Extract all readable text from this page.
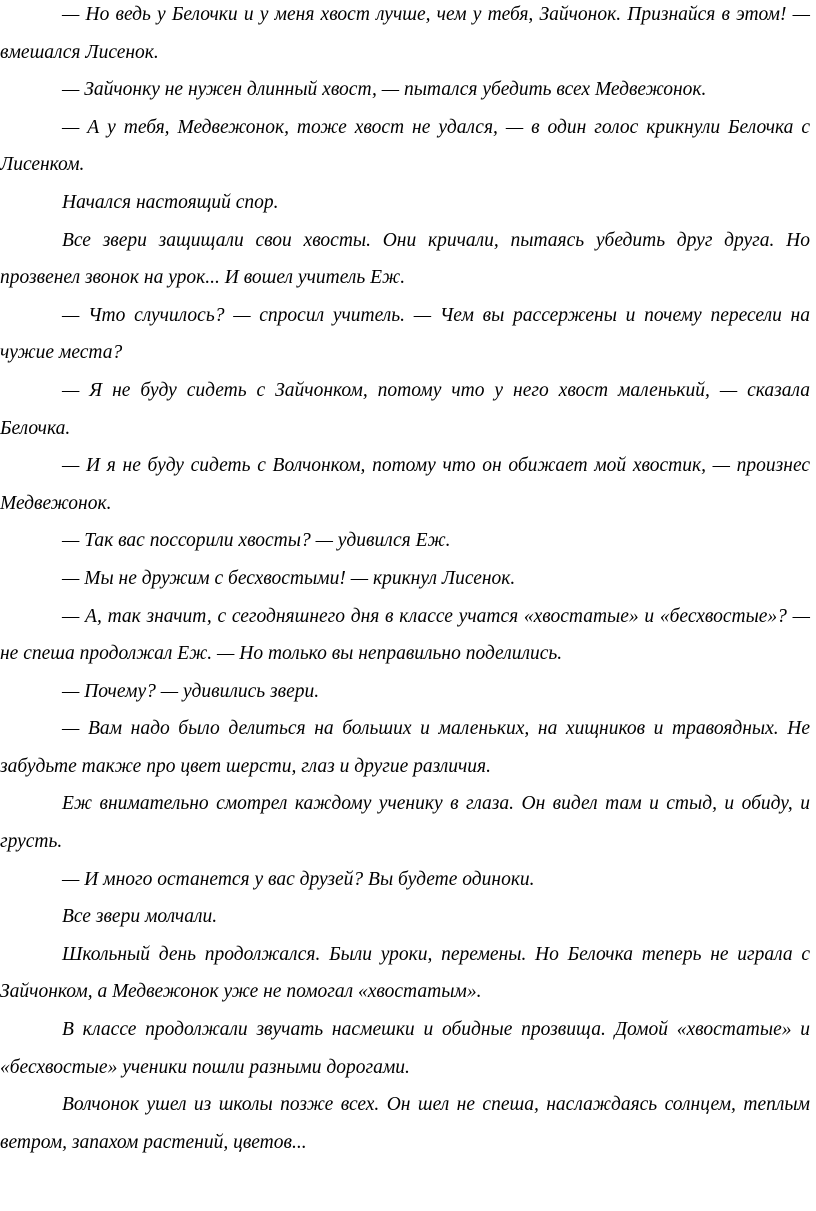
— Но ведь у Белочки и у меня хвост лучше, чем у тебя, Зайчонок. Признайся в этом! — вмешался Лисенок.

— Зайчонку не нужен длинный хвост, — пытался убедить всех Медвежонок.

— А у тебя, Медвежонок, тоже хвост не удался, — в один голос крикнули Белочка с Лисенком.

Начался настоящий спор.

Все звери защищали свои хвосты. Они кричали, пытаясь убедить друг друга. Но прозвенел звонок на урок... И вошел учитель Еж.

— Что случилось? — спросил учитель. — Чем вы рассержены и почему пересели на чужие места?

— Я не буду сидеть с Зайчонком, потому что у него хвост маленький, — сказала Белочка.

— И я не буду сидеть с Волчонком, потому что он обижает мой хвостик, — произнес Медвежонок.

— Так вас поссорили хвосты? — удивился Еж.

— Мы не дружим с бесхвостыми! — крикнул Лисенок.

— А, так значит, с сегодняшнего дня в классе учатся «хвостатые» и «бесхвостые»? — не спеша продолжал Еж. — Но только вы неправильно поделились.

— Почему? — удивились звери.

— Вам надо было делиться на больших и маленьких, на хищников и травоядных. Не забудьте также про цвет шерсти, глаз и другие различия.

Еж внимательно смотрел каждому ученику в глаза. Он видел там и стыд, и обиду, и грусть.

— И много останется у вас друзей? Вы будете одиноки.

Все звери молчали.

Школьный день продолжался. Были уроки, перемены. Но Белочка теперь не играла с Зайчонком, а Медвежонок уже не помогал «хвостатым».

В классе продолжали звучать насмешки и обидные прозвища. Домой «хвостатые» и «бесхвостые» ученики пошли разными дорогами.

Волчонок ушел из школы позже всех. Он шел не спеша, наслаждаясь солнцем, теплым ветром, запахом растений, цветов...
